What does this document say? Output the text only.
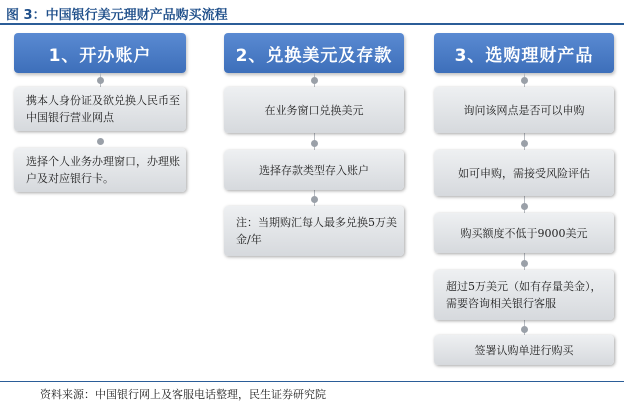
图 3：中国银行美元理财产品购买流程
1、开办账户
携本人身份证及欲兑换人民币至中国银行营业网点
选择个人业务办理窗口，办理账户及对应银行卡。
2、兑换美元及存款
在业务窗口兑换美元
选择存款类型存入账户
注：当期购汇每人最多兑换5万美金/年
3、选购理财产品
询问该网点是否可以申购
如可申购，需接受风险评估
购买额度不低于9000美元
超过5万美元（如有存量美金），需要咨询相关银行客服
签署认购单进行购买
资料来源：中国银行网上及客服电话整理，民生证券研究院
